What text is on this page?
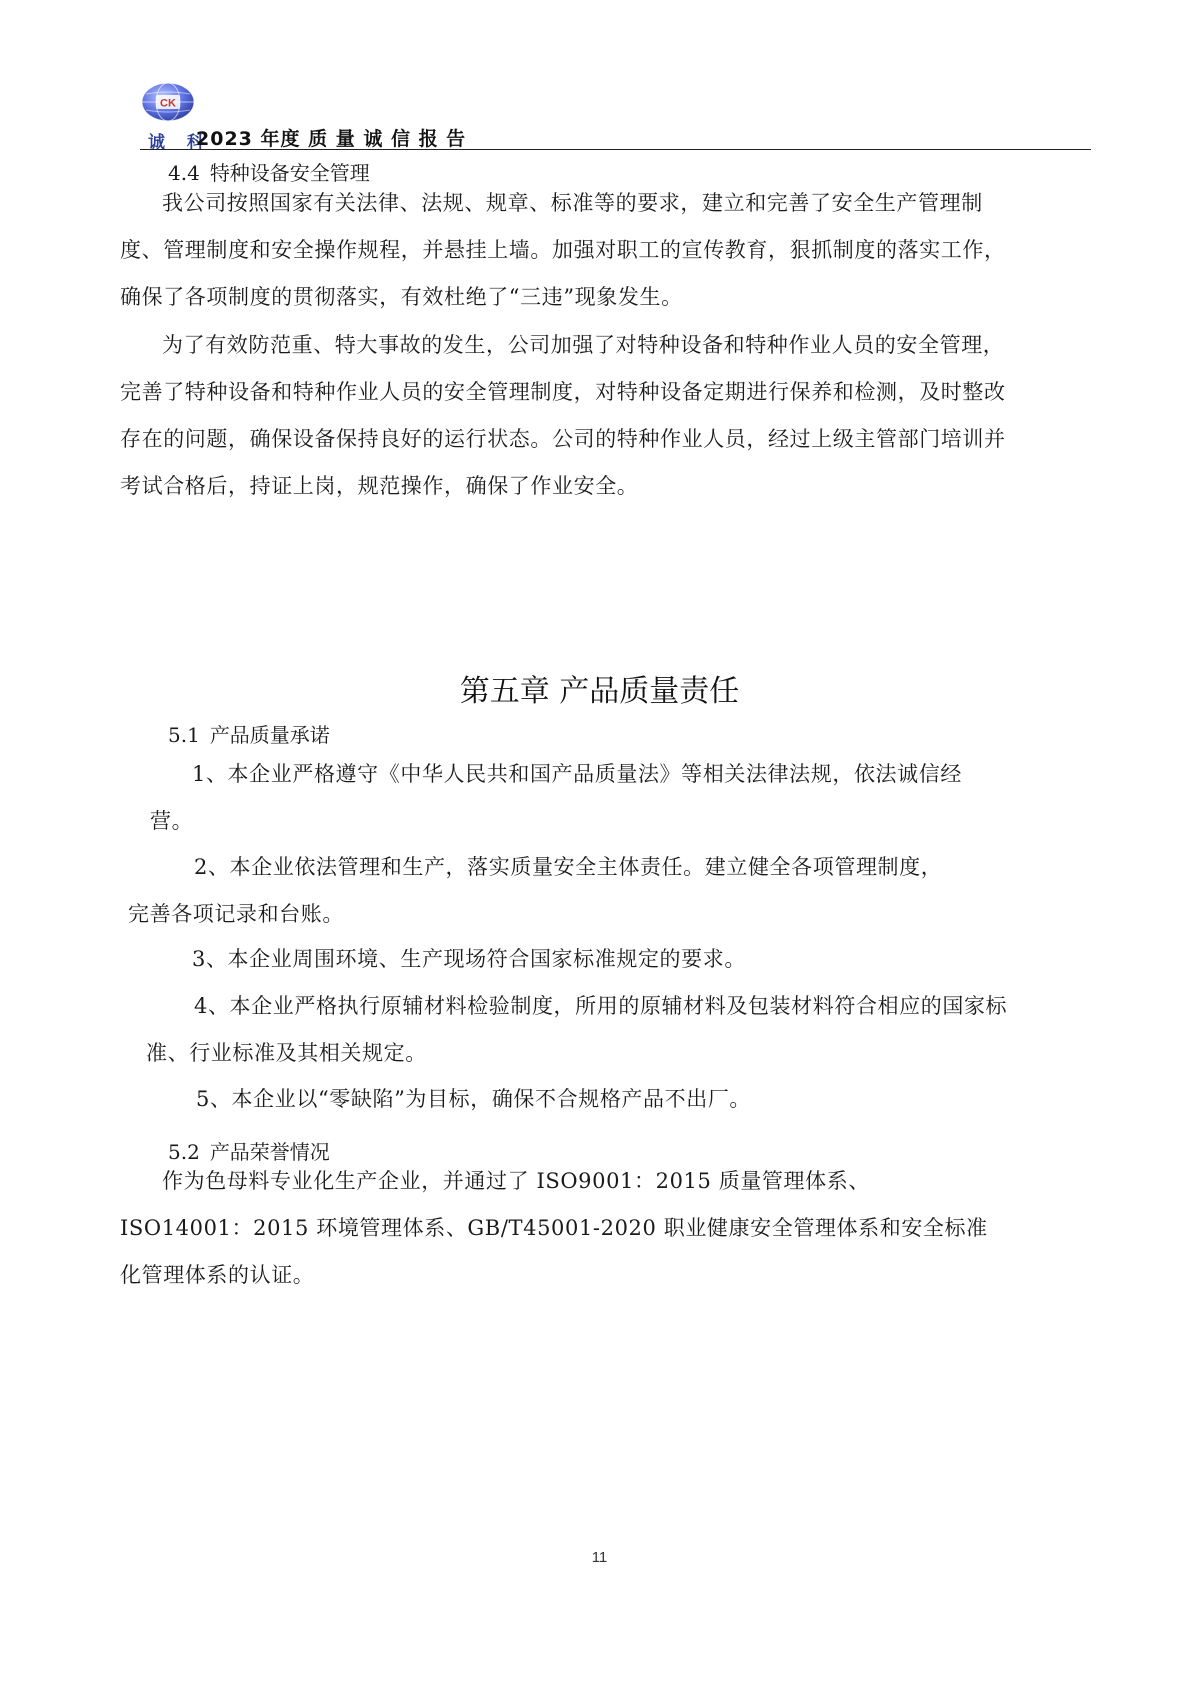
CK
诚 科
2023 年度 质 量 诚 信 报 告
4.4 特种设备安全管理
我公司按照国家有关法律、法规、规章、标准等的要求，建立和完善了安全生产管理制度、管理制度和安全操作规程，并悬挂上墙。加强对职工的宣传教育，狠抓制度的落实工作，确保了各项制度的贯彻落实，有效杜绝了“三违”现象发生。
为了有效防范重、特大事故的发生，公司加强了对特种设备和特种作业人员的安全管理，完善了特种设备和特种作业人员的安全管理制度，对特种设备定期进行保养和检测，及时整改存在的问题，确保设备保持良好的运行状态。公司的特种作业人员，经过上级主管部门培训并考试合格后，持证上岗，规范操作，确保了作业安全。
第五章 产品质量责任
5.1 产品质量承诺
1、本企业严格遵守《中华人民共和国产品质量法》等相关法律法规，依法诚信经营。
2、本企业依法管理和生产，落实质量安全主体责任。建立健全各项管理制度，完善各项记录和台账。
3、本企业周围环境、生产现场符合国家标准规定的要求。
4、本企业严格执行原辅材料检验制度，所用的原辅材料及包装材料符合相应的国家标准、行业标准及其相关规定。
5、本企业以“零缺陷”为目标，确保不合规格产品不出厂。
5.2 产品荣誉情况
作为色母料专业化生产企业，并通过了 ISO9001：2015 质量管理体系、ISO14001：2015 环境管理体系、GB/T45001-2020 职业健康安全管理体系和安全标准化管理体系的认证。
11
